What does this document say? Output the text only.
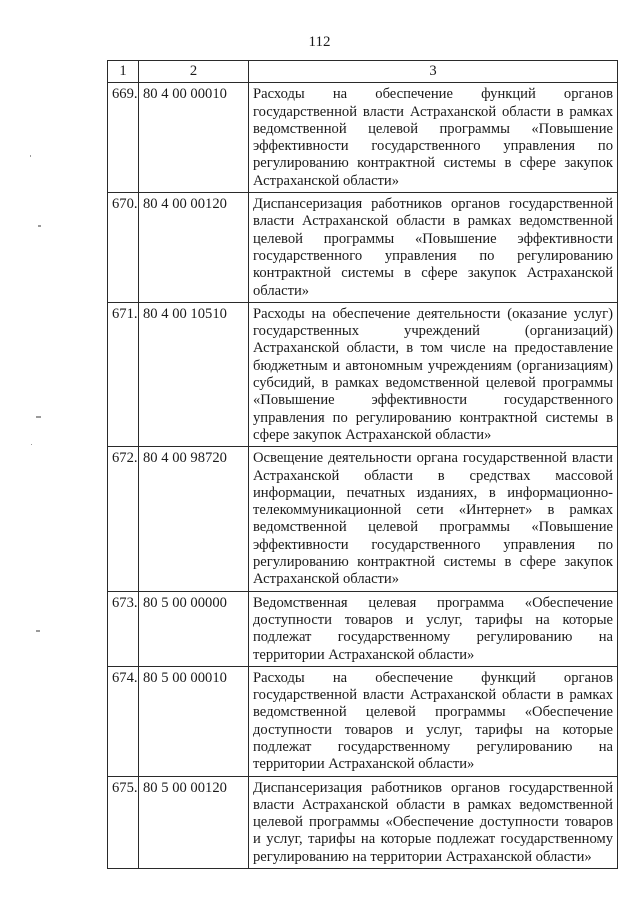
112
1	2	3
669.	80 4 00 00010	Расходы на обеспечение функций органов государственной власти Астраханской области в рамках ведомственной целевой программы «Повышение эффективности государственного управления по регулированию контрактной системы в сфере закупок Астраханской области»
670.	80 4 00 00120	Диспансеризация работников органов государственной власти Астраханской области в рамках ведомственной целевой программы «Повышение эффективности государственного управления по регулированию контрактной системы в сфере закупок Астраханской области»
671.	80 4 00 10510	Расходы на обеспечение деятельности (оказание услуг) государственных учреждений (организаций) Астраханской области, в том числе на предоставление бюджетным и автономным учреждениям (организациям) субсидий, в рамках ведомственной целевой программы «Повышение эффективности государственного управления по регулированию контрактной системы в сфере закупок Астраханской области»
672.	80 4 00 98720	Освещение деятельности органа государственной власти Астраханской области в средствах массовой информации, печатных изданиях, в информационно-телекоммуникационной сети «Интернет» в рамках ведомственной целевой программы «Повышение эффективности государственного управления по регулированию контрактной системы в сфере закупок Астраханской области»
673.	80 5 00 00000	Ведомственная целевая программа «Обеспечение доступности товаров и услуг, тарифы на которые подлежат государственному регулированию на территории Астраханской области»
674.	80 5 00 00010	Расходы на обеспечение функций органов государственной власти Астраханской области в рамках ведомственной целевой программы «Обеспечение доступности товаров и услуг, тарифы на которые подлежат государственному регулированию на территории Астраханской области»
675.	80 5 00 00120	Диспансеризация работников органов государственной власти Астраханской области в рамках ведомственной целевой программы «Обеспечение доступности товаров и услуг, тарифы на которые подлежат государственному регулированию на территории Астраханской области»
